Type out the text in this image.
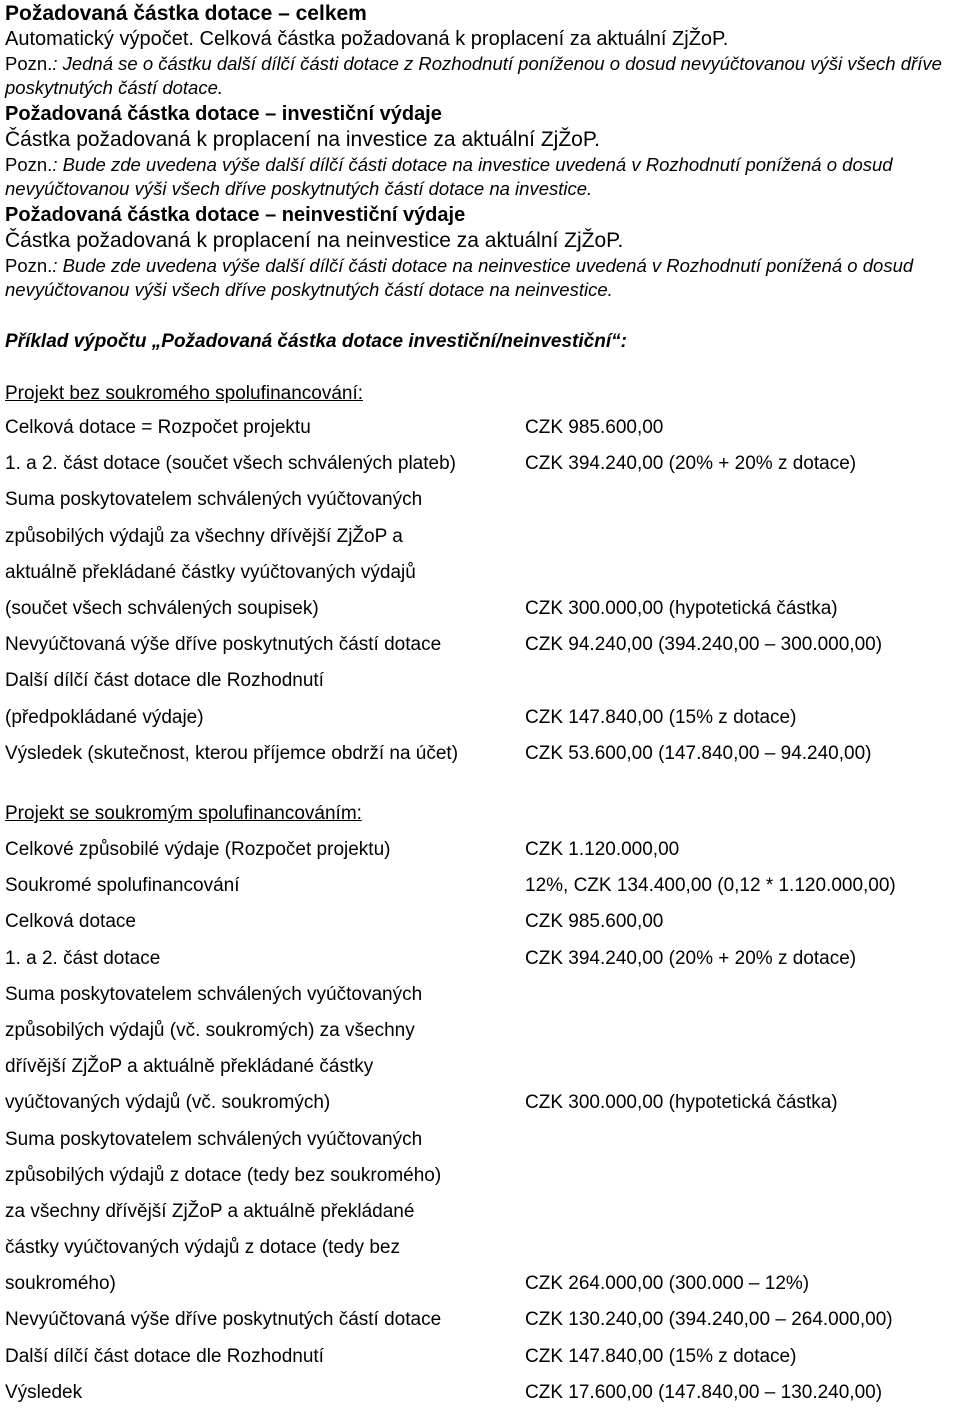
Požadovaná částka dotace – celkem

Automatický výpočet. Celková částka požadovaná k proplacení za aktuální ZjŽoP.

Pozn.: Jedná se o částku další dílčí části dotace z Rozhodnutí poníženou o dosud nevyúčtovanou výši všech dříve poskytnutých částí dotace.

Požadovaná částka dotace – investiční výdaje

Částka požadovaná k proplacení na investice za aktuální ZjŽoP.

Pozn.: Bude zde uvedena výše další dílčí části dotace na investice uvedená v Rozhodnutí ponížená o dosud nevyúčtovanou výši všech dříve poskytnutých částí dotace na investice.

Požadovaná částka dotace – neinvestiční výdaje

Částka požadovaná k proplacení na neinvestice za aktuální ZjŽoP.

Pozn.: Bude zde uvedena výše další dílčí části dotace na neinvestice uvedená v Rozhodnutí ponížená o dosud nevyúčtovanou výši všech dříve poskytnutých částí dotace na neinvestice.

Příklad výpočtu „Požadovaná částka dotace investiční/neinvestiční“:
Projekt bez soukromého spolufinancování:
Celková dotace = Rozpočet projektu	CZK 985.600,00
1. a 2. část dotace (součet všech schválených plateb)	CZK 394.240,00 (20% + 20% z dotace)
Suma poskytovatelem schválených vyúčtovaných
způsobilých výdajů za všechny dřívější ZjŽoP a
aktuálně překládané částky vyúčtovaných výdajů
(součet všech schválených soupisek)	CZK 300.000,00 (hypotetická částka)
Nevyúčtovaná výše dříve poskytnutých částí dotace	CZK 94.240,00 (394.240,00 – 300.000,00)
Další dílčí část dotace dle Rozhodnutí
(předpokládané výdaje)	CZK 147.840,00 (15% z dotace)
Výsledek (skutečnost, kterou příjemce obdrží na účet)	CZK 53.600,00 (147.840,00 – 94.240,00)
Projekt se soukromým spolufinancováním:
Celkové způsobilé výdaje (Rozpočet projektu)	CZK 1.120.000,00
Soukromé spolufinancování	12%, CZK 134.400,00 (0,12 * 1.120.000,00)
Celková dotace	CZK 985.600,00
1. a 2. část dotace	CZK 394.240,00 (20% + 20% z dotace)
Suma poskytovatelem schválených vyúčtovaných
způsobilých výdajů (vč. soukromých) za všechny
dřívější ZjŽoP a aktuálně překládané částky
vyúčtovaných výdajů (vč. soukromých)	CZK 300.000,00 (hypotetická částka)
Suma poskytovatelem schválených vyúčtovaných
způsobilých výdajů z dotace (tedy bez soukromého)
za všechny dřívější ZjŽoP a aktuálně překládané
částky vyúčtovaných výdajů z dotace (tedy bez
soukromého)	CZK 264.000,00 (300.000 – 12%)
Nevyúčtovaná výše dříve poskytnutých částí dotace	CZK 130.240,00 (394.240,00 – 264.000,00)
Další dílčí část dotace dle Rozhodnutí	CZK 147.840,00 (15% z dotace)
Výsledek	CZK 17.600,00 (147.840,00 – 130.240,00)
